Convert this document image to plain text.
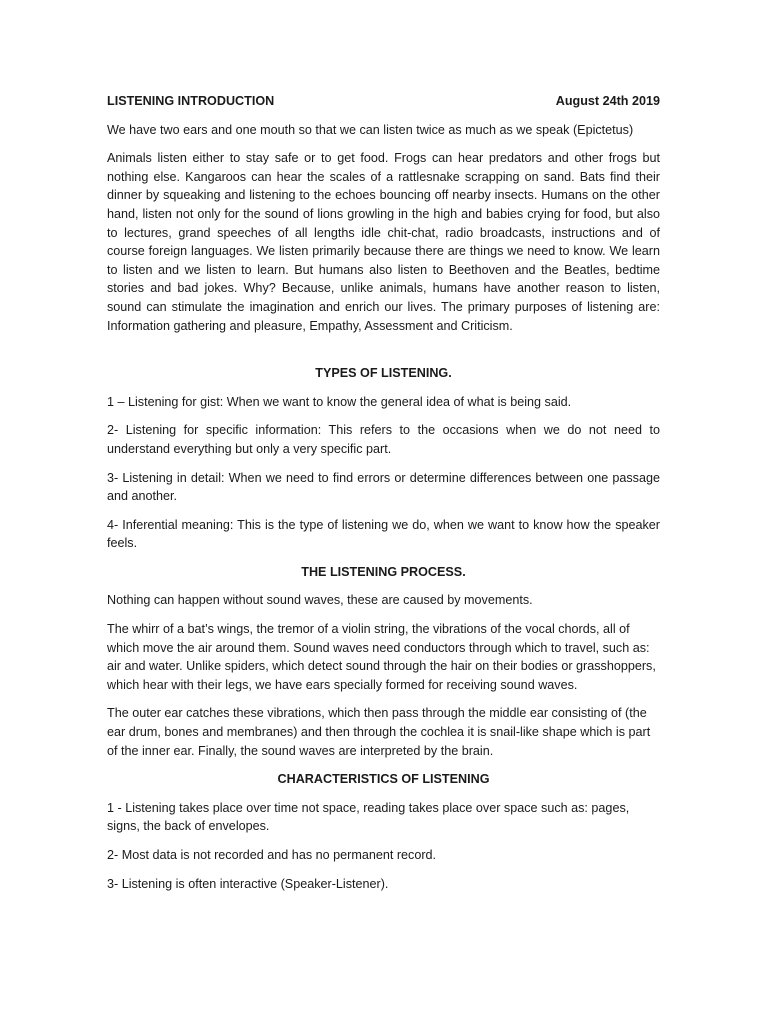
LISTENING INTRODUCTION	August 24th 2019

We have two ears and one mouth so that we can listen twice as much as we speak (Epictetus)

Animals listen either to stay safe or to get food. Frogs can hear predators and other frogs but nothing else. Kangaroos can hear the scales of a rattlesnake scrapping on sand. Bats find their dinner by squeaking and listening to the echoes bouncing off nearby insects. Humans on the other hand, listen not only for the sound of lions growling in the high and babies crying for food, but also to lectures, grand speeches of all lengths idle chit-chat, radio broadcasts, instructions and of course foreign languages. We listen primarily because there are things we need to know. We learn to listen and we listen to learn. But humans also listen to Beethoven and the Beatles, bedtime stories and bad jokes. Why? Because, unlike animals, humans have another reason to listen, sound can stimulate the imagination and enrich our lives. The primary purposes of listening are: Information gathering and pleasure, Empathy, Assessment and Criticism.

TYPES OF LISTENING.

1 – Listening for gist: When we want to know the general idea of what is being said.

2- Listening for specific information: This refers to the occasions when we do not need to understand everything but only a very specific part.

3- Listening in detail: When we need to find errors or determine differences between one passage and another.

4- Inferential meaning: This is the type of listening we do, when we want to know how the speaker feels.

THE LISTENING PROCESS.

Nothing can happen without sound waves, these are caused by movements.

The whirr of a bat’s wings, the tremor of a violin string, the vibrations of the vocal chords, all of which move the air around them. Sound waves need conductors through which to travel, such as: air and water. Unlike spiders, which detect sound through the hair on their bodies or grasshoppers, which hear with their legs, we have ears specially formed for receiving sound waves.

The outer ear catches these vibrations, which then pass through the middle ear consisting of (the ear drum, bones and membranes) and then through the cochlea it is snail-like shape which is part of the inner ear. Finally, the sound waves are interpreted by the brain.

CHARACTERISTICS OF LISTENING

1 - Listening takes place over time not space, reading takes place over space such as: pages, signs, the back of envelopes.

2- Most data is not recorded and has no permanent record.

3- Listening is often interactive (Speaker-Listener).
